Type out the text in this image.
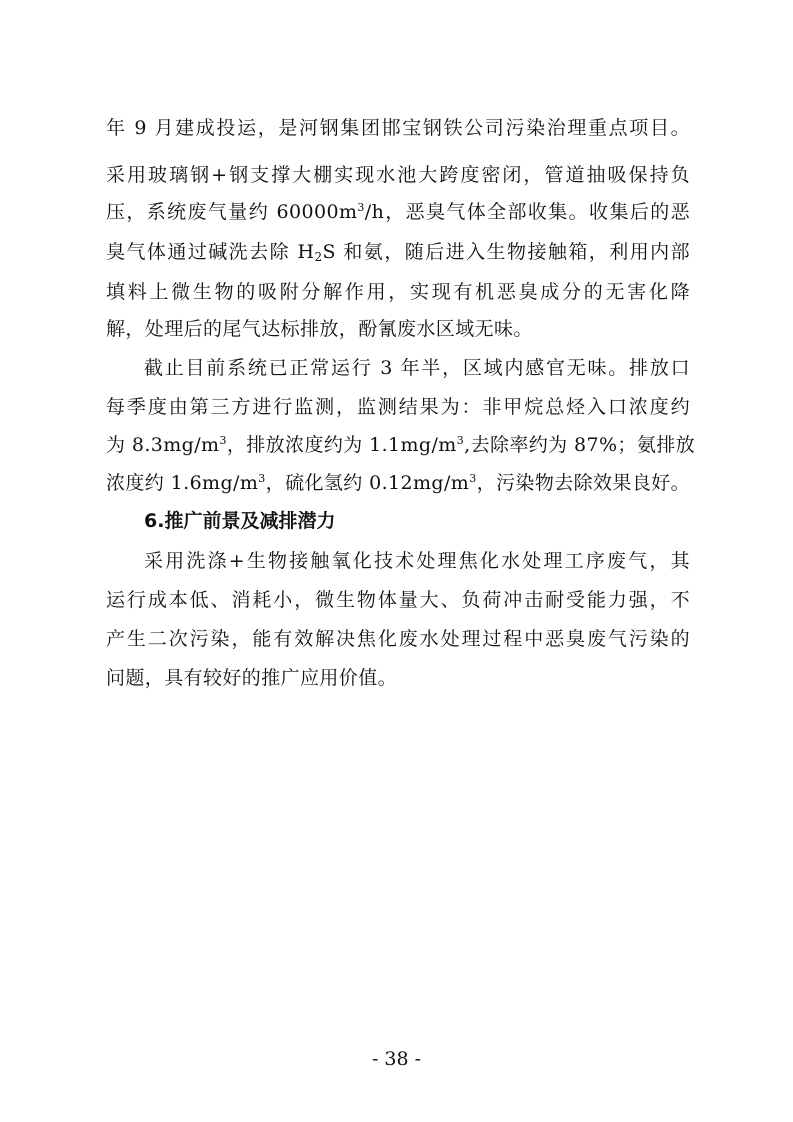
年 9 月建成投运，是河钢集团邯宝钢铁公司污染治理重点项目。
采用玻璃钢+钢支撑大棚实现水池大跨度密闭，管道抽吸保持负
压，系统废气量约 $60000m^3/h$，恶臭气体全部收集。收集后的恶
臭气体通过碱洗去除 $H_2S$ 和氨，随后进入生物接触箱，利用内部
填料上微生物的吸附分解作用，实现有机恶臭成分的无害化降
解，处理后的尾气达标排放，酚氰废水区域无味。
截止目前系统已正常运行 3 年半，区域内感官无味。排放口
每季度由第三方进行监测，监测结果为：非甲烷总烃入口浓度约
为 $8.3mg/m^3$，排放浓度约为 $1.1mg/m^3$,去除率约为 87%；氨排放
浓度约 $1.6mg/m^3$，硫化氢约 $0.12mg/m^3$，污染物去除效果良好。
6.推广前景及减排潜力
采用洗涤+生物接触氧化技术处理焦化水处理工序废气，其
运行成本低、消耗小，微生物体量大、负荷冲击耐受能力强，不
产生二次污染，能有效解决焦化废水处理过程中恶臭废气污染的
问题，具有较好的推广应用价值。
- 38 -
